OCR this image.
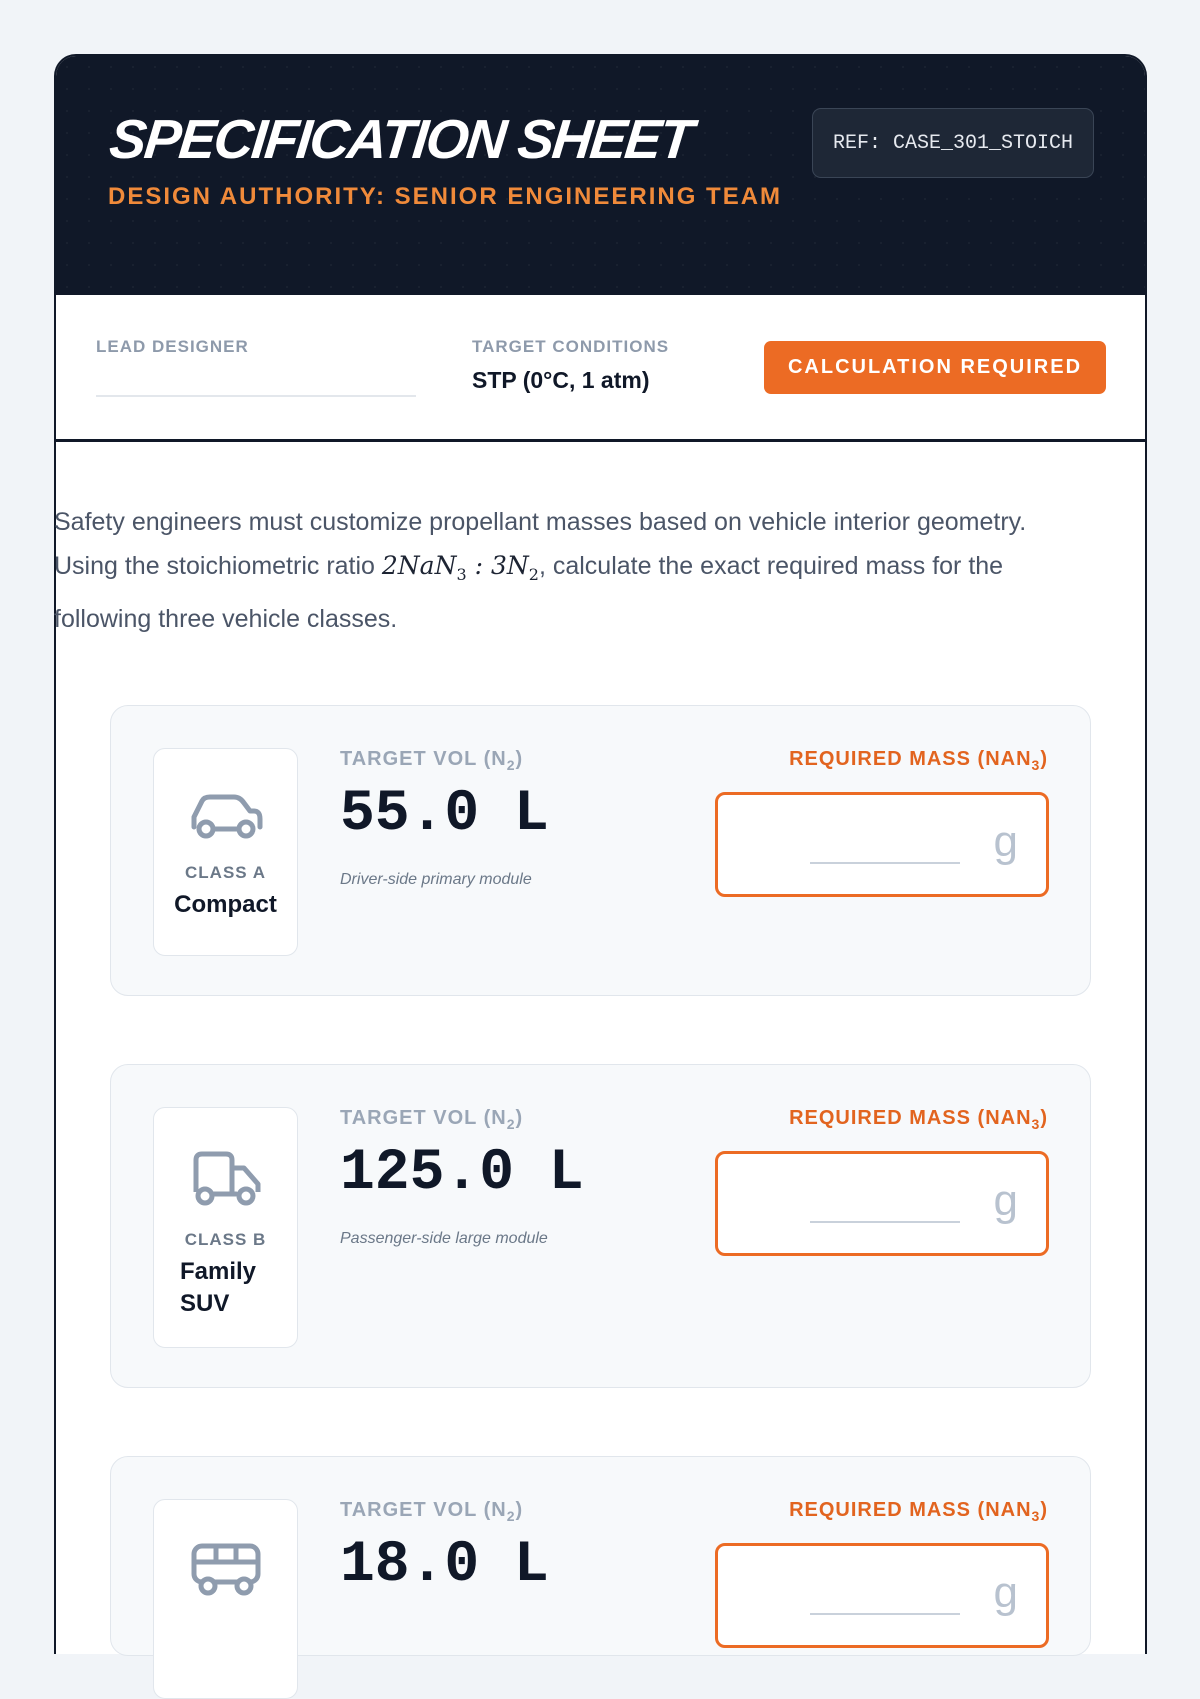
SPECIFICATION SHEET
DESIGN AUTHORITY: SENIOR ENGINEERING TEAM
REF: CASE_301_STOICH
LEAD DESIGNER	TARGET CONDITIONS
STP (0°C, 1 atm)	CALCULATION REQUIRED
Safety engineers must customize propellant masses based on vehicle interior geometry. Using the stoichiometric ratio 2NaN$_3$ : $3N_2$, calculate the exact required mass for the following three vehicle classes.
CLASS A
Compact
TARGET VOL $(N_2)$
55.0 L
Driver-side primary module
REQUIRED MASS $(NAN_3)$
g
CLASS B
Family SUV
TARGET VOL $(N_2)$
125.0 L
Passenger-side large module
REQUIRED MASS $(NAN_3)$
g
TARGET VOL $(N_2)$
18.0 L
REQUIRED MASS $(NAN_3)$
g
